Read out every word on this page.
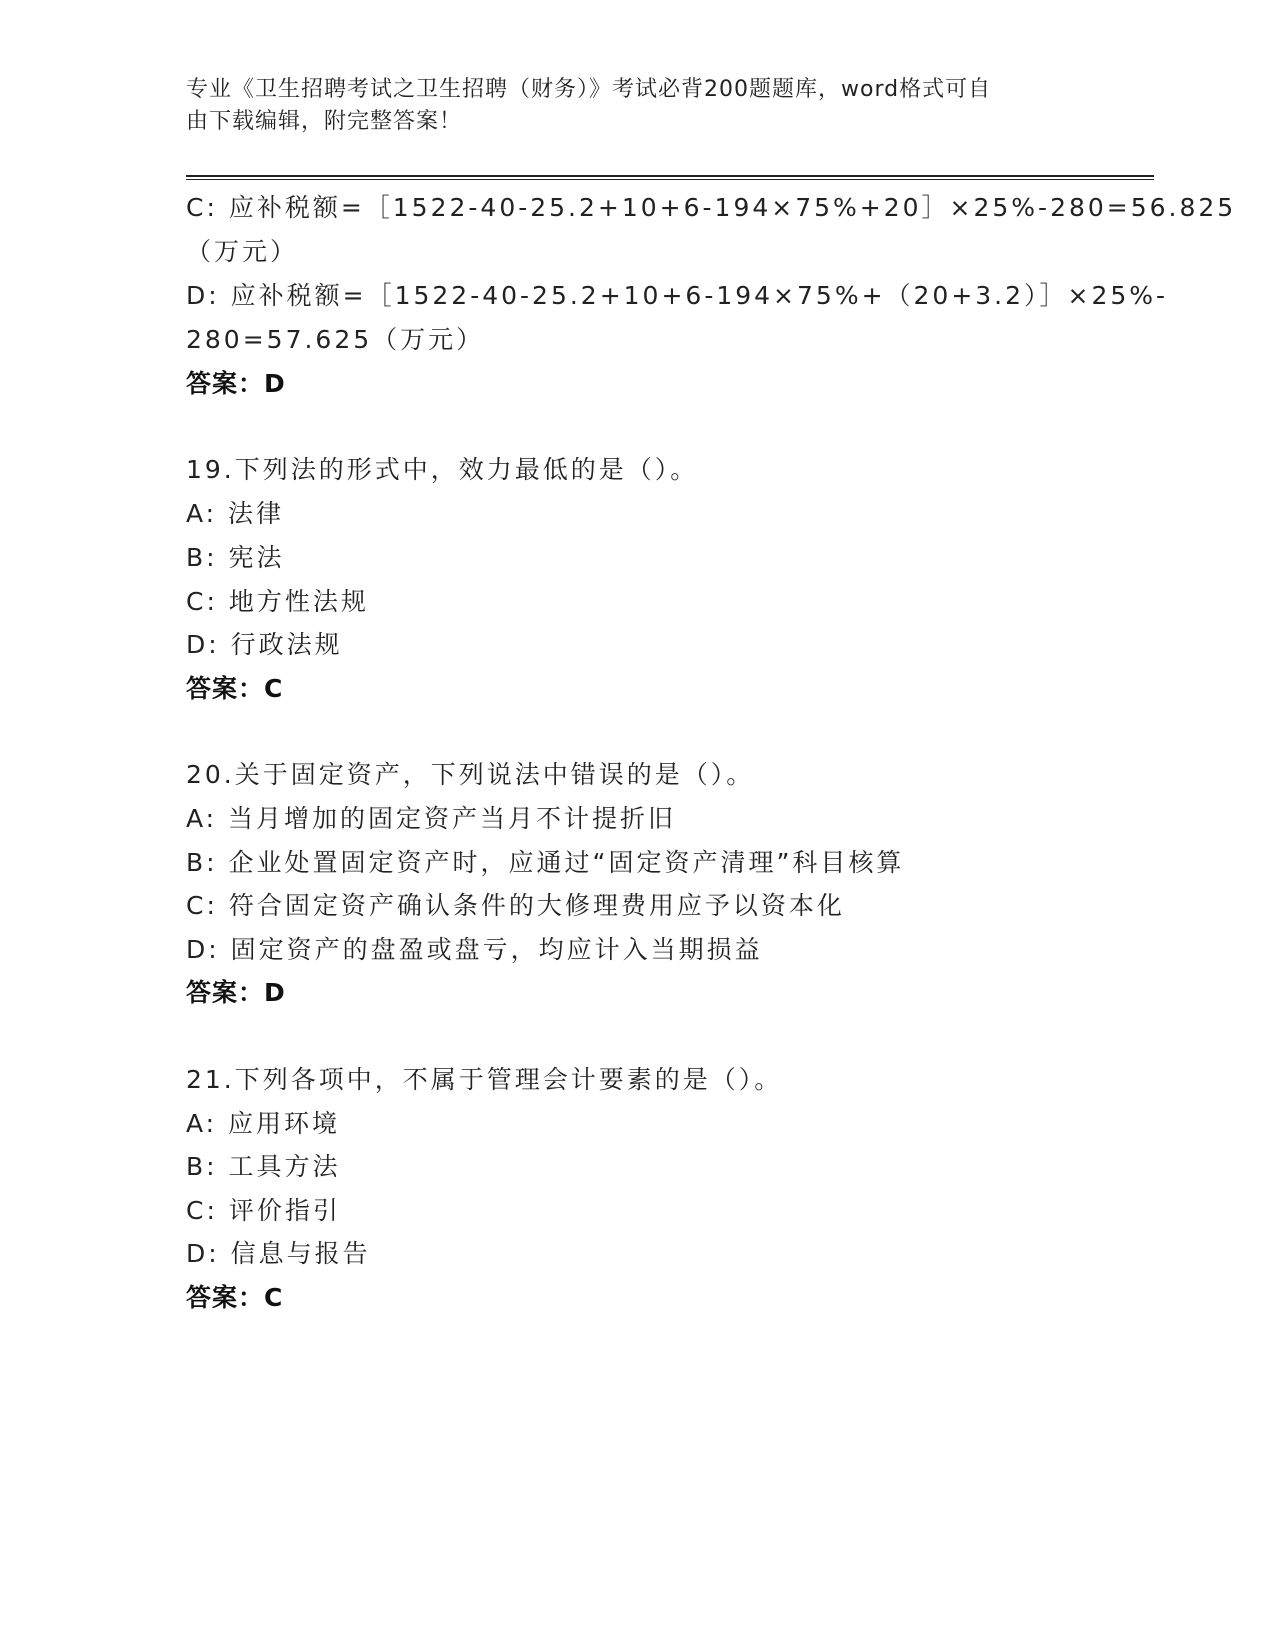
专业《卫生招聘考试之卫生招聘（财务）》考试必背200题题库，word格式可自
由下载编辑，附完整答案！
C: 应补税额=［1522-40-25.2+10+6-194×75%+20］×25%-280=56.825
（万元）
D: 应补税额=［1522-40-25.2+10+6-194×75%+（20+3.2）］×25%-
280=57.625（万元）
答案：D
19.下列法的形式中，效力最低的是（）。
A: 法律
B: 宪法
C: 地方性法规
D: 行政法规
答案：C
20.关于固定资产，下列说法中错误的是（）。
A: 当月增加的固定资产当月不计提折旧
B: 企业处置固定资产时，应通过“固定资产清理”科目核算
C: 符合固定资产确认条件的大修理费用应予以资本化
D: 固定资产的盘盈或盘亏，均应计入当期损益
答案：D
21.下列各项中，不属于管理会计要素的是（）。
A: 应用环境
B: 工具方法
C: 评价指引
D: 信息与报告
答案：C
